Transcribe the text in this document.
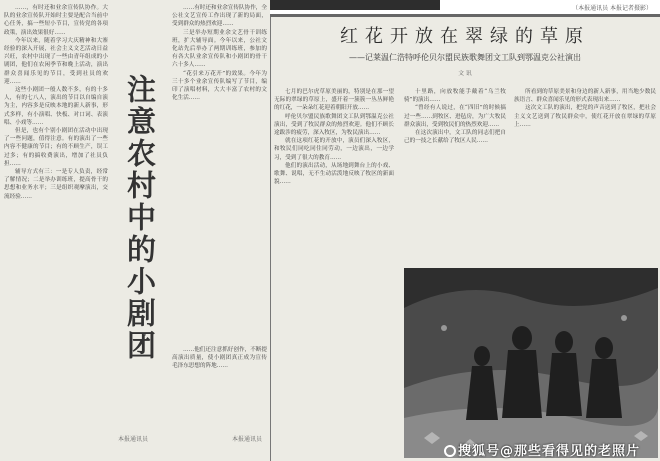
……，有时还和业余宣传队协作。大队的业余宣传队开始时主要是配合当前中心任务，搞一些短小节目，宣传党的各项政策，演出效果很好……

今年以来，随着学习大庆精神和大寨经验的深入开展，社会主义文艺活动日益兴旺，农村中出现了一些由青年组成的小剧团，他们在农闲季节和晚上活动，演出群众喜闻乐见的节目，受到社员的欢迎……

这些小剧团一般人数不多，有的十多人，有的七八人，演出的节目以自编自演为主，内容多是反映本地的新人新事，形式多样，有小演唱、快板、对口词、表演唱、小戏等……

但是，也有个别小剧团在活动中出现了一些问题，值得注意。有的演出了一些内容不健康的节目；有的不顾生产，误工过多；有的搞收费演出，增加了社员负担……

辅导方式有三：一是专人负责，经常了解情况；二是举办训练班，提高骨干的思想和业务水平；三是组织观摩演出，交流经验……	注意农村中的小剧团

……有时还和业余宣传队协作，全公社文艺宣传工作出现了新的局面，受到群众的热烈欢迎……

三是举办短期业余文艺骨干训练班，扩大辅导面。今年以来，公社文化站先后举办了两期训练班，参加的有各大队业余宣传队和小剧团的骨干六十多人……

“花引来万花开”的效果。今年为三十多个业余宣传队编写了节目，编印了演唱材料，大大丰富了农村的文化生活……

……他们还注意抓好创作，不断提高演出质量，使小剧团真正成为宣传毛泽东思想的阵地……

本报通讯员	本报通讯员
（本报通讯员 本报记者摄影）
红花开放在翠绿的草原
——记莱温仁浩特呼伦贝尔盟民族歌舞团文工队到鄂温克公社演出
文 讯

七月的巴尔虎草原美丽的，特别是在那一望无际的翠绿的草原上，盛开着一簇簇一丛丛鲜艳的红花，一朵朵红花迎着朝阳开放……

呼伦贝尔盟民族歌舞团文工队到鄂温克公社演出，受到了牧民群众的热烈欢迎。他们不顾长途跋涉的疲劳，深入牧区，为牧民演出……

就在这项红花的开放中，演员们深入牧区，和牧民们同吃同住同劳动，一边演出，一边学习，受到了很大的教育……

他们的演出活动，从场地到舞台上的小戏、歌舞、说唱，无不生动活泼地反映了牧区的新面貌……

十里路，向放牧能手戴着“乌兰牧骑”的演出……

“曾经有人说过，在“四旧”的时候搞过一些……到牧区、进毡房，为广大牧民群众演出，受到牧民们的热烈欢迎……

在这次演出中，文工队的同志们把自己的一技之长献给了牧区人民……

所看到的草原美景和身边的新人新事，用当地少数民族语言、群众喜闻乐见的形式表现出来……

这次文工队的演出，把党的声音送到了牧区，把社会主义文艺送到了牧民群众中，使红花开放在翠绿的草原上……

搜狐号@那些看得见的老照片
